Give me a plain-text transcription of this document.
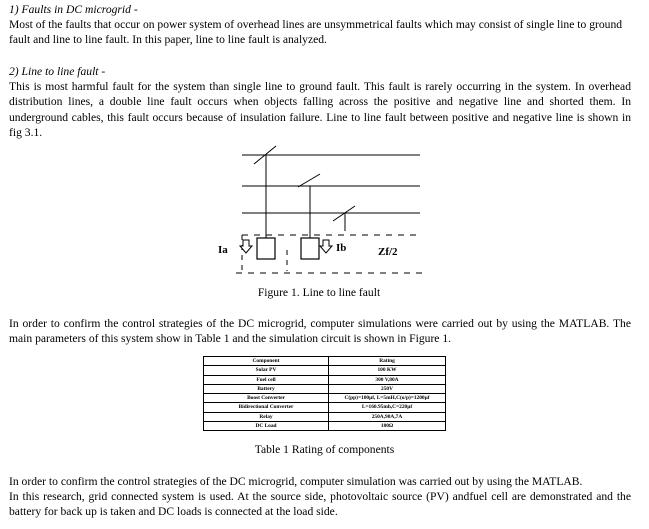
1) Faults in DC microgrid -
Most of the faults that occur on power system of overhead lines are unsymmetrical faults which may consist of single line to ground fault and line to line fault. In this paper, line to line fault is analyzed.
2) Line to line fault -
This is most harmful fault for the system than single line to ground fault. This fault is rarely occurring in the system. In overhead distribution lines, a double line fault occurs when objects falling across the positive and negative line and shorted them. In underground cables, this fault occurs because of insulation failure. Line to line fault between positive and negative line is shown in fig 3.1.
Ia	Ib	Zf/2
Figure 1. Line to line fault
In order to confirm the control strategies of the DC microgrid, computer simulations were carried out by using the MATLAB. The main parameters of this system show in Table 1 and the simulation circuit is shown in Figure 1.
Component	Rating
Solar PV	100 KW
Fuel cell	300 V,80A
Battery	250V
Boost Converter	C(pp)=100µf, L=5mH,C(o/p)=1200µf
Bidirectional Converter	L=160.95mh,C=220µf
Relay	250A,90A,7A
DC Load	100Ω
Table 1 Rating of components
In order to confirm the control strategies of the DC microgrid, computer simulation was carried out by using the MATLAB.
In this research, grid connected system is used. At the source side, photovoltaic source (PV) andfuel cell are demonstrated and the battery for back up is taken and DC loads is connected at the load side.
